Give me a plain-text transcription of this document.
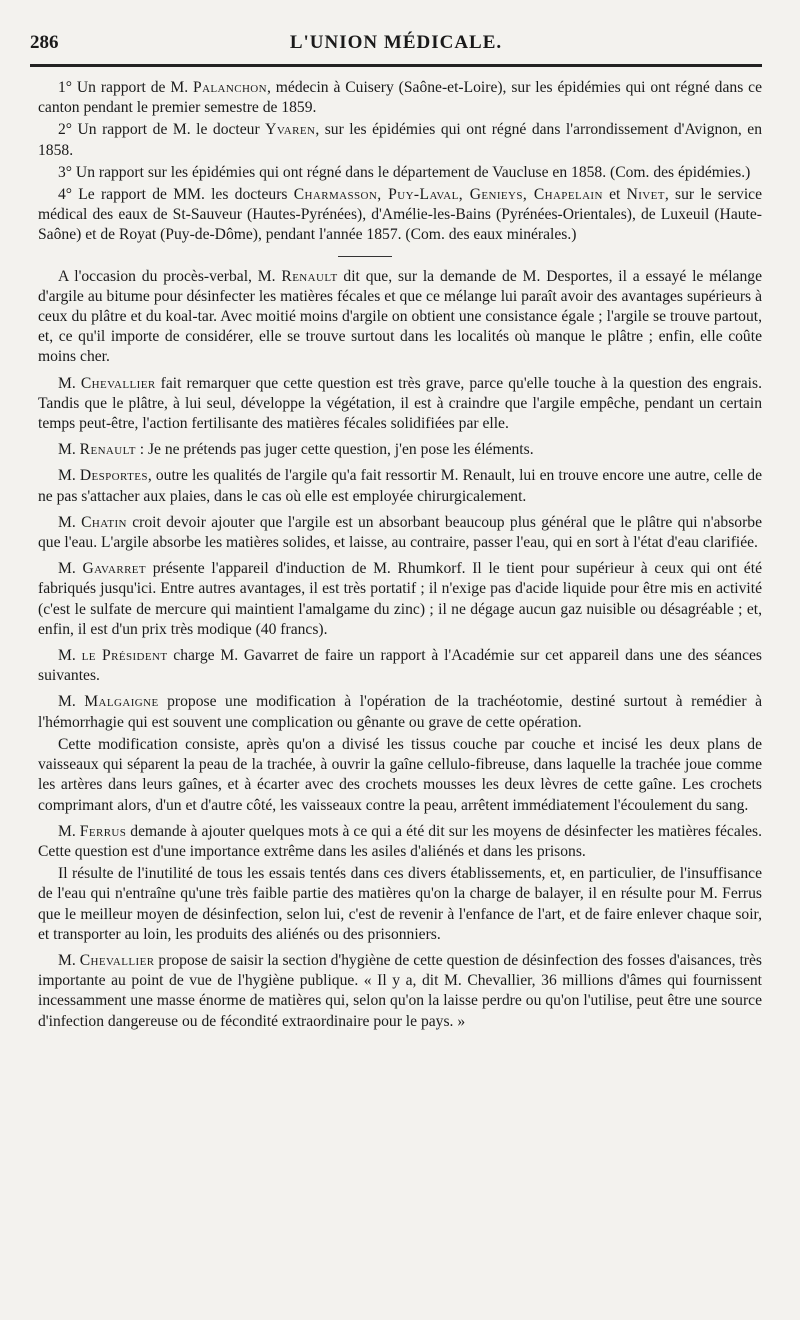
286	L'UNION MÉDICALE.

1° Un rapport de M. Palanchon, médecin à Cuisery (Saône-et-Loire), sur les épidémies qui ont régné dans ce canton pendant le premier semestre de 1859.

2° Un rapport de M. le docteur Yvaren, sur les épidémies qui ont régné dans l'arrondissement d'Avignon, en 1858.

3° Un rapport sur les épidémies qui ont régné dans le département de Vaucluse en 1858. (Com. des épidémies.)

4° Le rapport de MM. les docteurs Charmasson, Puy-Laval, Genieys, Chapelain et Nivet, sur le service médical des eaux de St-Sauveur (Hautes-Pyrénées), d'Amélie-les-Bains (Pyrénées-Orientales), de Luxeuil (Haute-Saône) et de Royat (Puy-de-Dôme), pendant l'année 1857. (Com. des eaux minérales.)

A l'occasion du procès-verbal, M. Renault dit que, sur la demande de M. Desportes, il a essayé le mélange d'argile au bitume pour désinfecter les matières fécales et que ce mélange lui paraît avoir des avantages supérieurs à ceux du plâtre et du koal-tar. Avec moitié moins d'argile on obtient une consistance égale ; l'argile se trouve partout, et, ce qu'il importe de considérer, elle se trouve surtout dans les localités où manque le plâtre ; enfin, elle coûte moins cher.

M. Chevallier fait remarquer que cette question est très grave, parce qu'elle touche à la question des engrais. Tandis que le plâtre, à lui seul, développe la végétation, il est à craindre que l'argile empêche, pendant un certain temps peut-être, l'action fertilisante des matières fécales solidifiées par elle.

M. Renault : Je ne prétends pas juger cette question, j'en pose les éléments.

M. Desportes, outre les qualités de l'argile qu'a fait ressortir M. Renault, lui en trouve encore une autre, celle de ne pas s'attacher aux plaies, dans le cas où elle est employée chirurgicalement.

M. Chatin croit devoir ajouter que l'argile est un absorbant beaucoup plus général que le plâtre qui n'absorbe que l'eau. L'argile absorbe les matières solides, et laisse, au contraire, passer l'eau, qui en sort à l'état d'eau clarifiée.

M. Gavarret présente l'appareil d'induction de M. Rhumkorf. Il le tient pour supérieur à ceux qui ont été fabriqués jusqu'ici. Entre autres avantages, il est très portatif ; il n'exige pas d'acide liquide pour être mis en activité (c'est le sulfate de mercure qui maintient l'amalgame du zinc) ; il ne dégage aucun gaz nuisible ou désagréable ; et, enfin, il est d'un prix très modique (40 francs).

M. le Président charge M. Gavarret de faire un rapport à l'Académie sur cet appareil dans une des séances suivantes.

M. Malgaigne propose une modification à l'opération de la trachéotomie, destiné surtout à remédier à l'hémorrhagie qui est souvent une complication ou gênante ou grave de cette opération.

Cette modification consiste, après qu'on a divisé les tissus couche par couche et incisé les deux plans de vaisseaux qui séparent la peau de la trachée, à ouvrir la gaîne cellulo-fibreuse, dans laquelle la trachée joue comme les artères dans leurs gaînes, et à écarter avec des crochets mousses les deux lèvres de cette gaîne. Les crochets comprimant alors, d'un et d'autre côté, les vaisseaux contre la peau, arrêtent immédiatement l'écoulement du sang.

M. Ferrus demande à ajouter quelques mots à ce qui a été dit sur les moyens de désinfecter les matières fécales. Cette question est d'une importance extrême dans les asiles d'aliénés et dans les prisons.

Il résulte de l'inutilité de tous les essais tentés dans ces divers établissements, et, en particulier, de l'insuffisance de l'eau qui n'entraîne qu'une très faible partie des matières qu'on la charge de balayer, il en résulte pour M. Ferrus que le meilleur moyen de désinfection, selon lui, c'est de revenir à l'enfance de l'art, et de faire enlever chaque soir, et transporter au loin, les produits des aliénés ou des prisonniers.

M. Chevallier propose de saisir la section d'hygiène de cette question de désinfection des fosses d'aisances, très importante au point de vue de l'hygiène publique. « Il y a, dit M. Chevallier, 36 millions d'âmes qui fournissent incessamment une masse énorme de matières qui, selon qu'on la laisse perdre ou qu'on l'utilise, peut être une source d'infection dangereuse ou de fécondité extraordinaire pour le pays. »
